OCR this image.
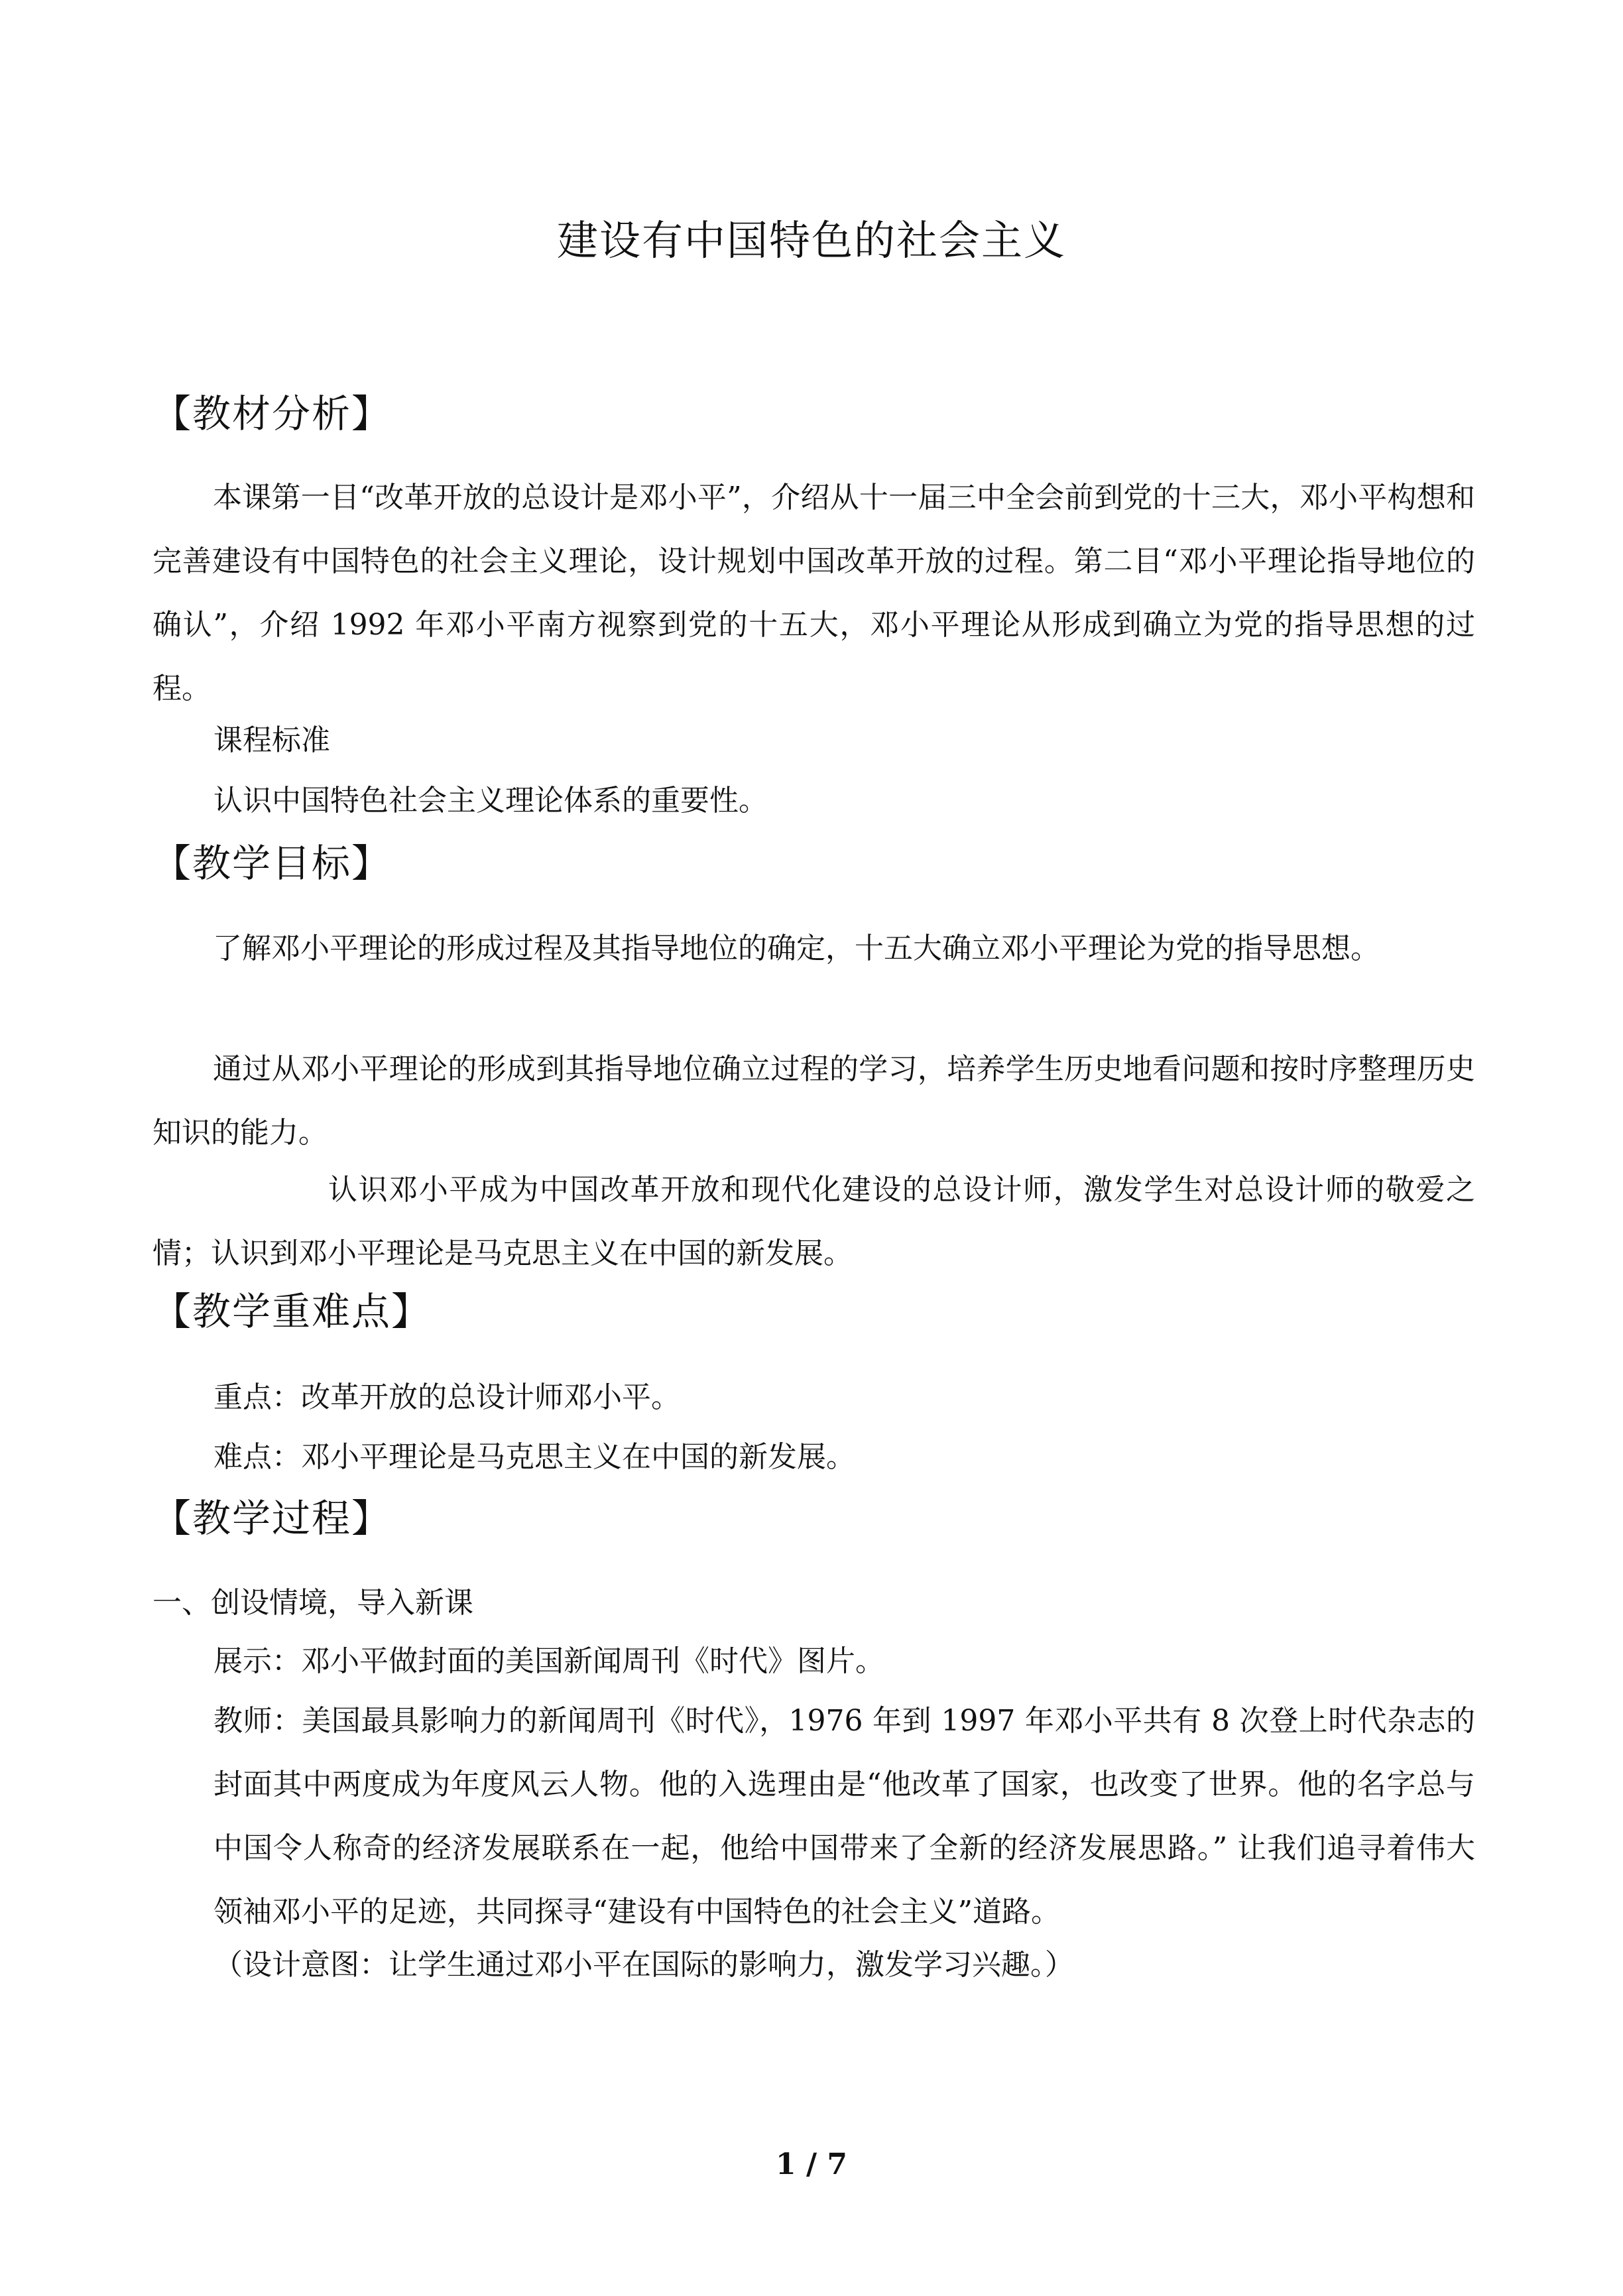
建设有中国特色的社会主义
【教材分析】
本课第一目“改革开放的总设计是邓小平”，介绍从十一届三中全会前到党的十三大，邓小平构想和完善建设有中国特色的社会主义理论，设计规划中国改革开放的过程。第二目“邓小平理论指导地位的确认”，介绍 1992 年邓小平南方视察到党的十五大，邓小平理论从形成到确立为党的指导思想的过程。
课程标准
认识中国特色社会主义理论体系的重要性。
【教学目标】
了解邓小平理论的形成过程及其指导地位的确定，十五大确立邓小平理论为党的指导思想。
通过从邓小平理论的形成到其指导地位确立过程的学习，培养学生历史地看问题和按时序整理历史知识的能力。
认识邓小平成为中国改革开放和现代化建设的总设计师，激发学生对总设计师的敬爱之情；认识到邓小平理论是马克思主义在中国的新发展。
【教学重难点】
重点：改革开放的总设计师邓小平。
难点：邓小平理论是马克思主义在中国的新发展。
【教学过程】
一、创设情境，导入新课
展示：邓小平做封面的美国新闻周刊《时代》图片。
教师：美国最具影响力的新闻周刊《时代》，1976 年到 1997 年邓小平共有 8 次登上时代杂志的封面其中两度成为年度风云人物。他的入选理由是“他改革了国家，也改变了世界。他的名字总与中国令人称奇的经济发展联系在一起，他给中国带来了全新的经济发展思路。” 让我们追寻着伟大领袖邓小平的足迹，共同探寻“建设有中国特色的社会主义”道路。
（设计意图：让学生通过邓小平在国际的影响力，激发学习兴趣。）
1 / 7
